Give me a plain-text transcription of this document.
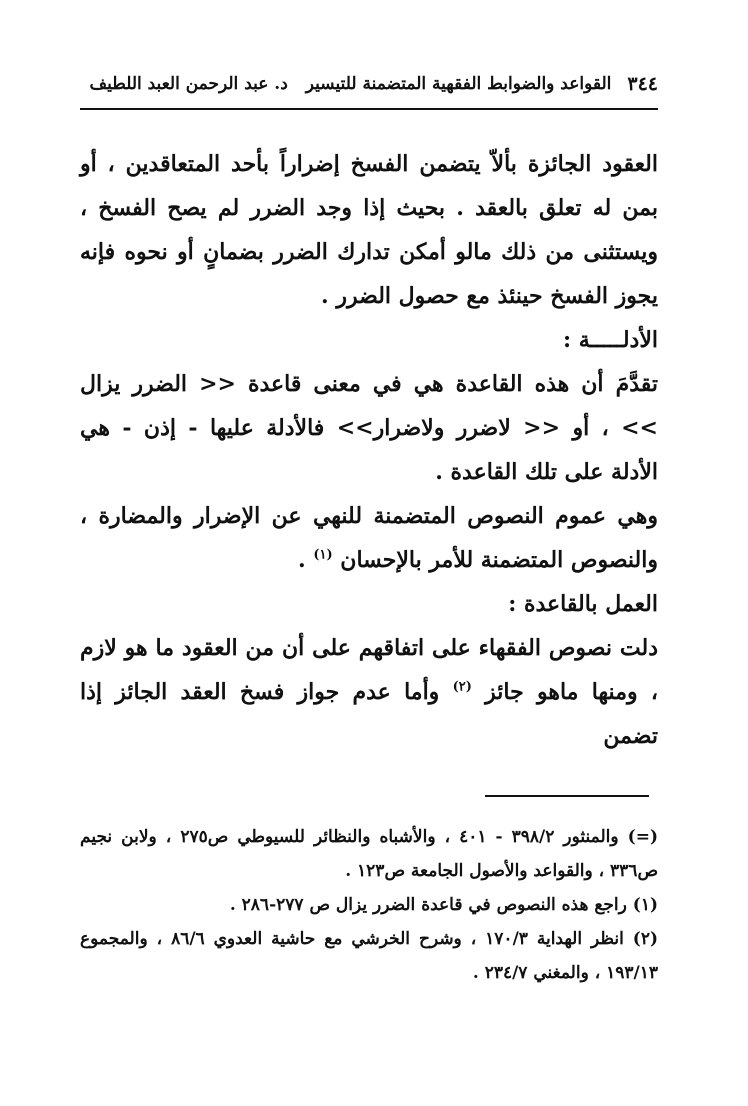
٣٤٤
القواعد والضوابط الفقهية المتضمنة للتيسير
د. عبد الرحمن العبد اللطيف

العقود الجائزة بألاّ يتضمن الفسخ إضراراً بأحد المتعاقدين ، أو بمن له تعلق بالعقد . بحيث إذا وجد الضرر لم يصح الفسخ ، ويستثنى من ذلك مالو أمكن تدارك الضرر بضمانٍ أو نحوه فإنه يجوز الفسخ حينئذ مع حصول الضرر .

الأدلـــــة :

تقدَّمَ أن هذه القاعدة هي في معنى قاعدة << الضرر يزال >> ، أو << لاضرر ولاضرار>> فالأدلة عليها - إذن - هي الأدلة على تلك القاعدة .

وهي عموم النصوص المتضمنة للنهي عن الإضرار والمضارة ، والنصوص المتضمنة للأمر بالإحسان $^{(١)}$ .

العمل بالقاعدة :

دلت نصوص الفقهاء على اتفاقهم على أن من العقود ما هو لازم ، ومنها ماهو جائز $^{(٢)}$ وأما عدم جواز فسخ العقد الجائز إذا تضمن

(=) والمنثور ٣٩٨/٢ - ٤٠١ ، والأشباه والنظائر للسيوطي ص٢٧٥ ، ولابن نجيم ص٣٣٦ ، والقواعد والأصول الجامعة ص١٢٣ .

(١) راجع هذه النصوص في قاعدة الضرر يزال ص ٢٧٧-٢٨٦ .

(٢) انظر الهداية ١٧٠/٣ ، وشرح الخرشي مع حاشية العدوي ٨٦/٦ ، والمجموع ١٩٣/١٣ ، والمغني ٢٣٤/٧ .
